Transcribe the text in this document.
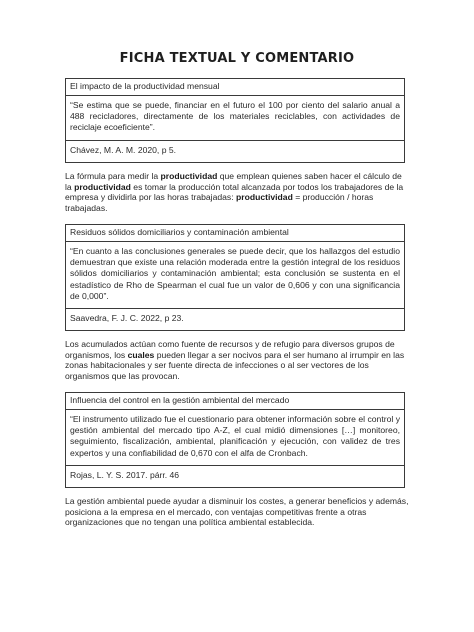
FICHA TEXTUAL Y COMENTARIO
El impacto de la productividad mensual
“Se estima que se puede, financiar en el futuro el 100 por ciento del salario anual a 488 recicladores, directamente de los materiales reciclables, con actividades de reciclaje ecoeficiente”.
Chávez, M. A. M. 2020, p 5.
La fórmula para medir la productividad que emplean quienes saben hacer el cálculo de la productividad es tomar la producción total alcanzada por todos los trabajadores de la empresa y dividirla por las horas trabajadas: productividad = producción / horas trabajadas.
Residuos sólidos domiciliarios y contaminación ambiental
“En cuanto a las conclusiones generales se puede decir, que los hallazgos del estudio demuestran que existe una relación moderada entre la gestión integral de los residuos sólidos domiciliarios y contaminación ambiental; esta conclusión se sustenta en el estadístico de Rho de Spearman el cual fue un valor de 0,606 y con una significancia de 0,000”.
Saavedra, F. J. C. 2022, p 23.
Los acumulados actúan como fuente de recursos y de refugio para diversos grupos de organismos, los cuales pueden llegar a ser nocivos para el ser humano al irrumpir en las zonas habitacionales y ser fuente directa de infecciones o al ser vectores de los organismos que las provocan.
Influencia del control en la gestión ambiental del mercado
“El instrumento utilizado fue el cuestionario para obtener información sobre el control y gestión ambiental del mercado tipo A-Z, el cual midió dimensiones […] monitoreo, seguimiento, fiscalización, ambiental, planificación y ejecución, con validez de tres expertos y una confiabilidad de 0,670 con el alfa de Cronbach.
Rojas, L. Y. S. 2017. párr. 46
La gestión ambiental puede ayudar a disminuir los costes, a generar beneficios y además, posiciona a la empresa en el mercado, con ventajas competitivas frente a otras organizaciones que no tengan una política ambiental establecida.
